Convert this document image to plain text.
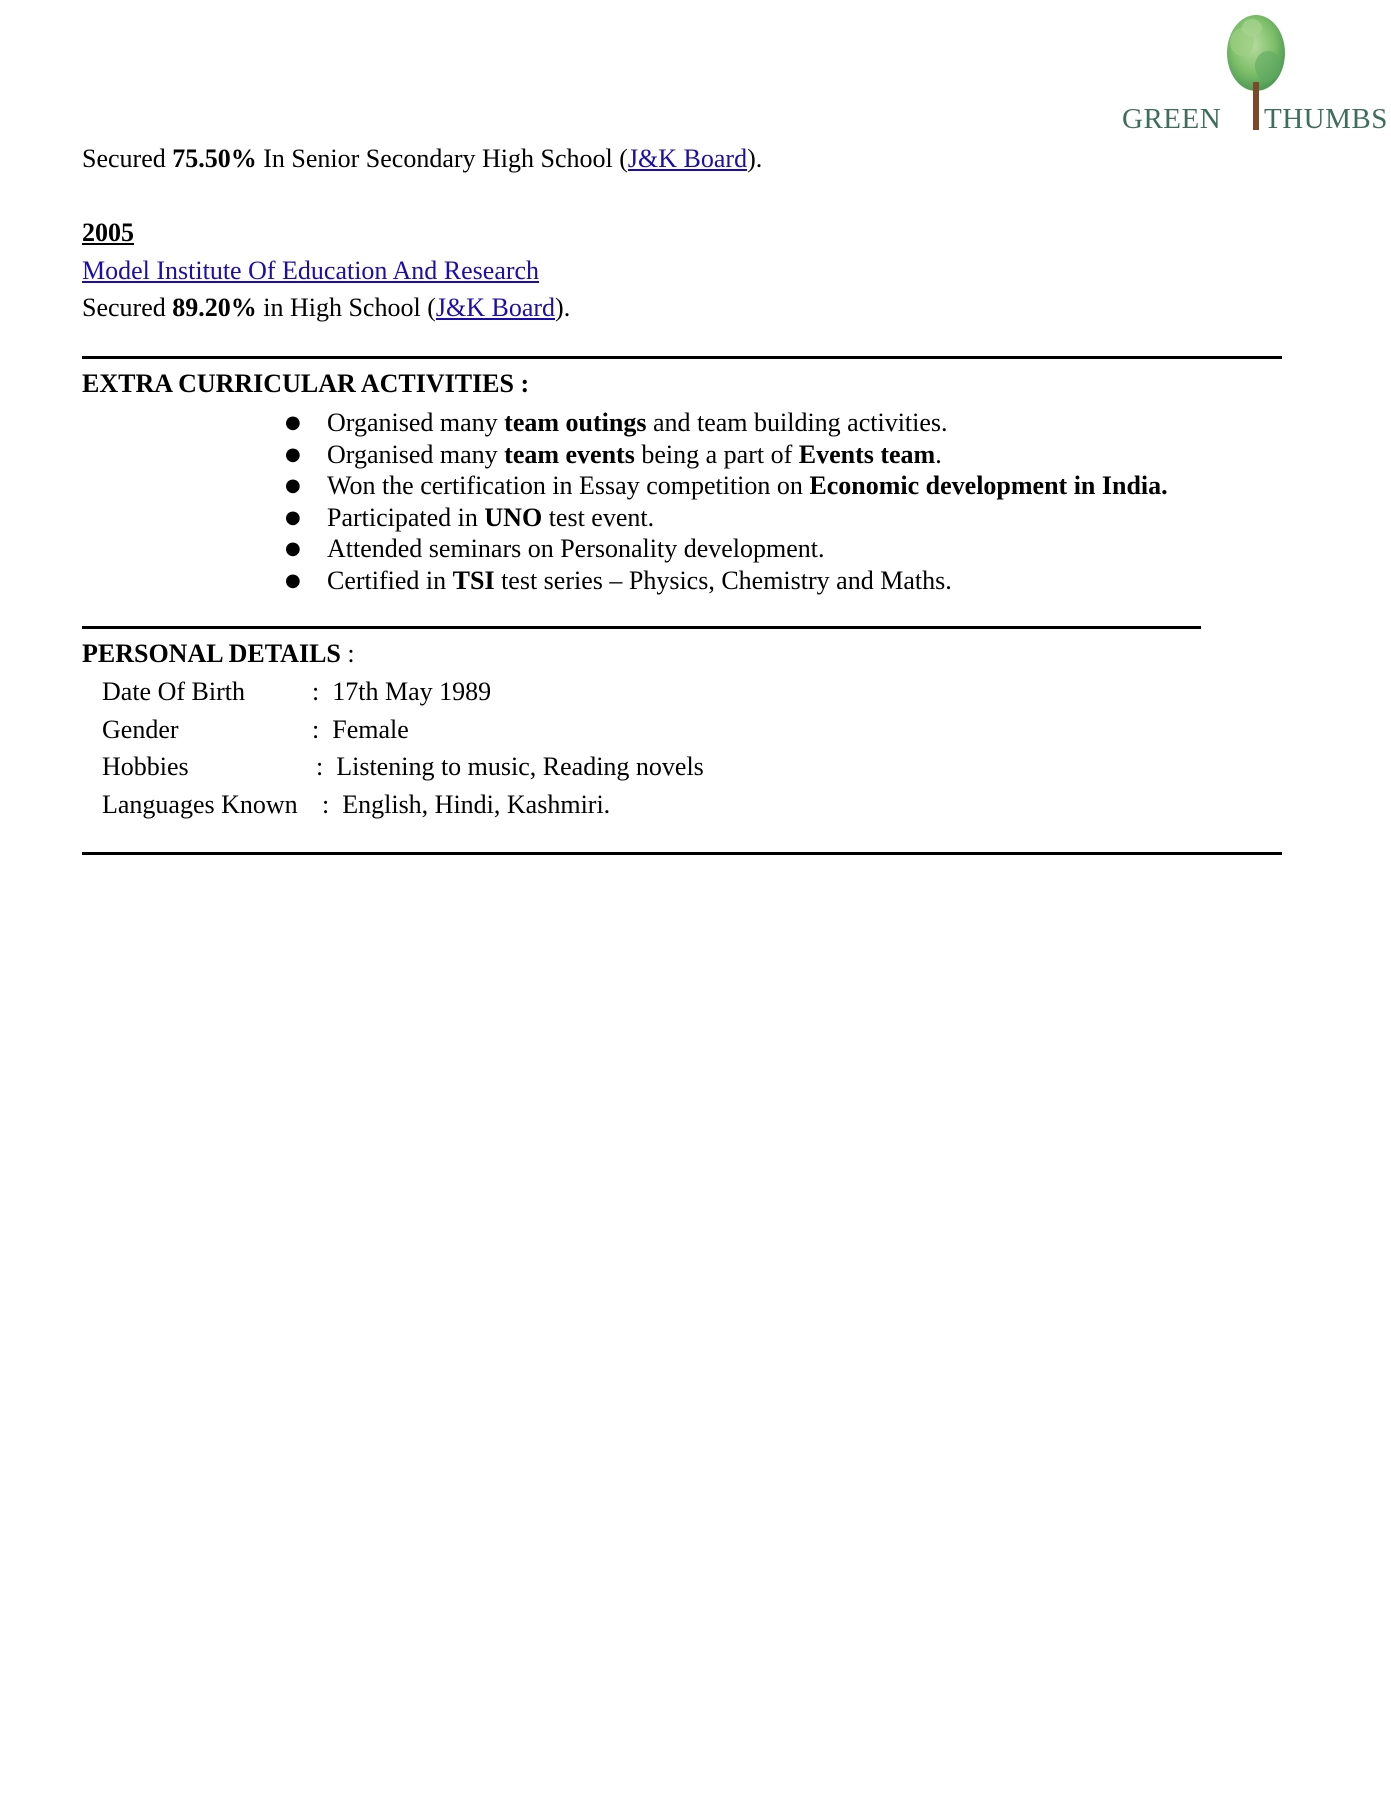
GREEN THUMBS
Secured 75.50% In Senior Secondary High School (J&K Board).
2005
Model Institute Of Education And Research
Secured 89.20% in High School (J&K Board).
EXTRA CURRICULAR ACTIVITIES :
● Organised many team outings and team building activities.
● Organised many team events being a part of Events team.
● Won the certification in Essay competition on Economic development in India.
● Participated in UNO test event.
● Attended seminars on Personality development.
● Certified in TSI test series – Physics, Chemistry and Maths.
PERSONAL DETAILS :
Date Of Birth	: 17th May 1989
Gender	: Female
Hobbies	: Listening to music, Reading novels
Languages Known : English, Hindi, Kashmiri.
